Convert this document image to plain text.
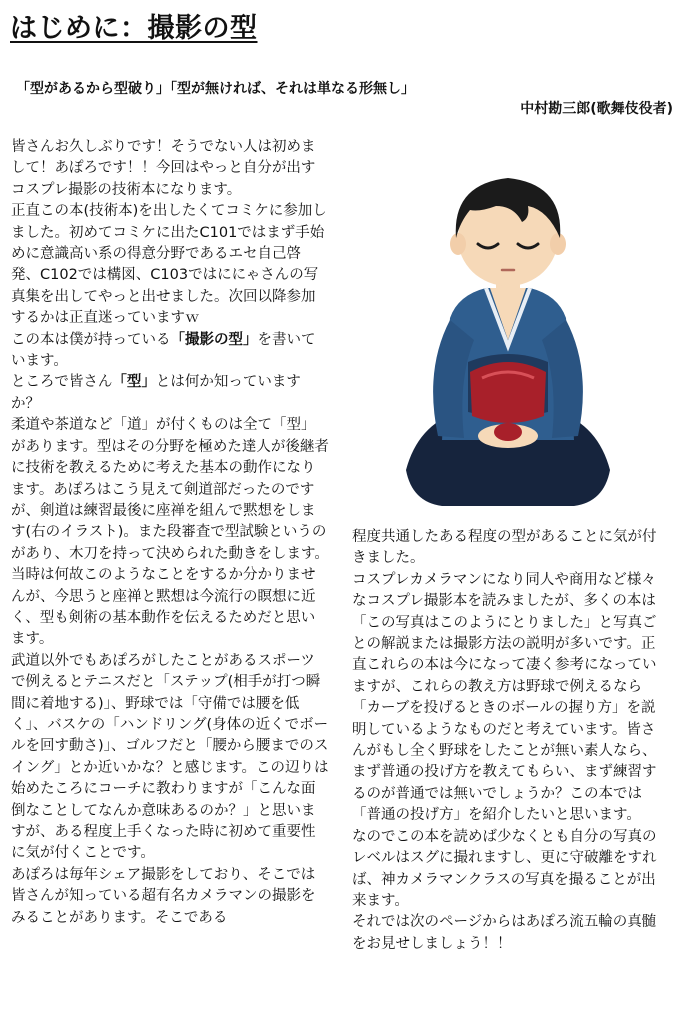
はじめに：撮影の型
「型があるから型破り」「型が無ければ、それは単なる形無し」
中村勘三郎(歌舞伎役者)

皆さんお久しぶりです！そうでない人は初めまして！あぽろです！！今回はやっと自分が出すコスプレ撮影の技術本になります。

正直この本(技術本)を出したくてコミケに参加しました。初めてコミケに出たC101ではまず手始めに意識高い系の得意分野であるエセ自己啓発、C102では構図、C103ではににゃさんの写真集を出してやっと出せました。次回以降参加するかは正直迷っていますｗ

この本は僕が持っている「撮影の型」を書いています。

ところで皆さん「型」とは何か知っていますか？

柔道や茶道など「道」が付くものは全て「型」があります。型はその分野を極めた達人が後継者に技術を教えるために考えた基本の動作になります。あぽろはこう見えて剣道部だったのですが、剣道は練習最後に座禅を組んで黙想をします(右のイラスト)。また段審査で型試験というのがあり、木刀を持って決められた動きをします。当時は何故このようなことをするか分かりませんが、今思うと座禅と黙想は今流行の瞑想に近く、型も剣術の基本動作を伝えるためだと思います。

武道以外でもあぽろがしたことがあるスポーツで例えるとテニスだと「ステップ(相手が打つ瞬間に着地する)」、野球では「守備では腰を低く」、バスケの「ハンドリング(身体の近くでボールを回す動さ)」、ゴルフだと「腰から腰までのスイング」とか近いかな？と感じます。この辺りは始めたころにコーチに教わりますが「こんな面倒なことしてなんか意味あるのか？」と思いますが、ある程度上手くなった時に初めて重要性に気が付くことです。

あぽろは毎年シェア撮影をしており、そこでは皆さんが知っている超有名カメラマンの撮影をみることがあります。そこである

程度共通したある程度の型があることに気が付きました。

コスプレカメラマンになり同人や商用など様々なコスプレ撮影本を読みましたが、多くの本は「この写真はこのようにとりました」と写真ごとの解説または撮影方法の説明が多いです。正直これらの本は今になって凄く参考になっていますが、これらの教え方は野球で例えるなら「カーブを投げるときのボールの握り方」を説明しているようなものだと考えています。皆さんがもし全く野球をしたことが無い素人なら、まず普通の投げ方を教えてもらい、まず練習するのが普通では無いでしょうか？この本では「普通の投げ方」を紹介したいと思います。

なのでこの本を読めば少なくとも自分の写真のレベルはスグに撮れますし、更に守破離をすれば、神カメラマンクラスの写真を撮ることが出来ます。

それでは次のページからはあぽろ流五輪の真髄をお見せしましょう！！
